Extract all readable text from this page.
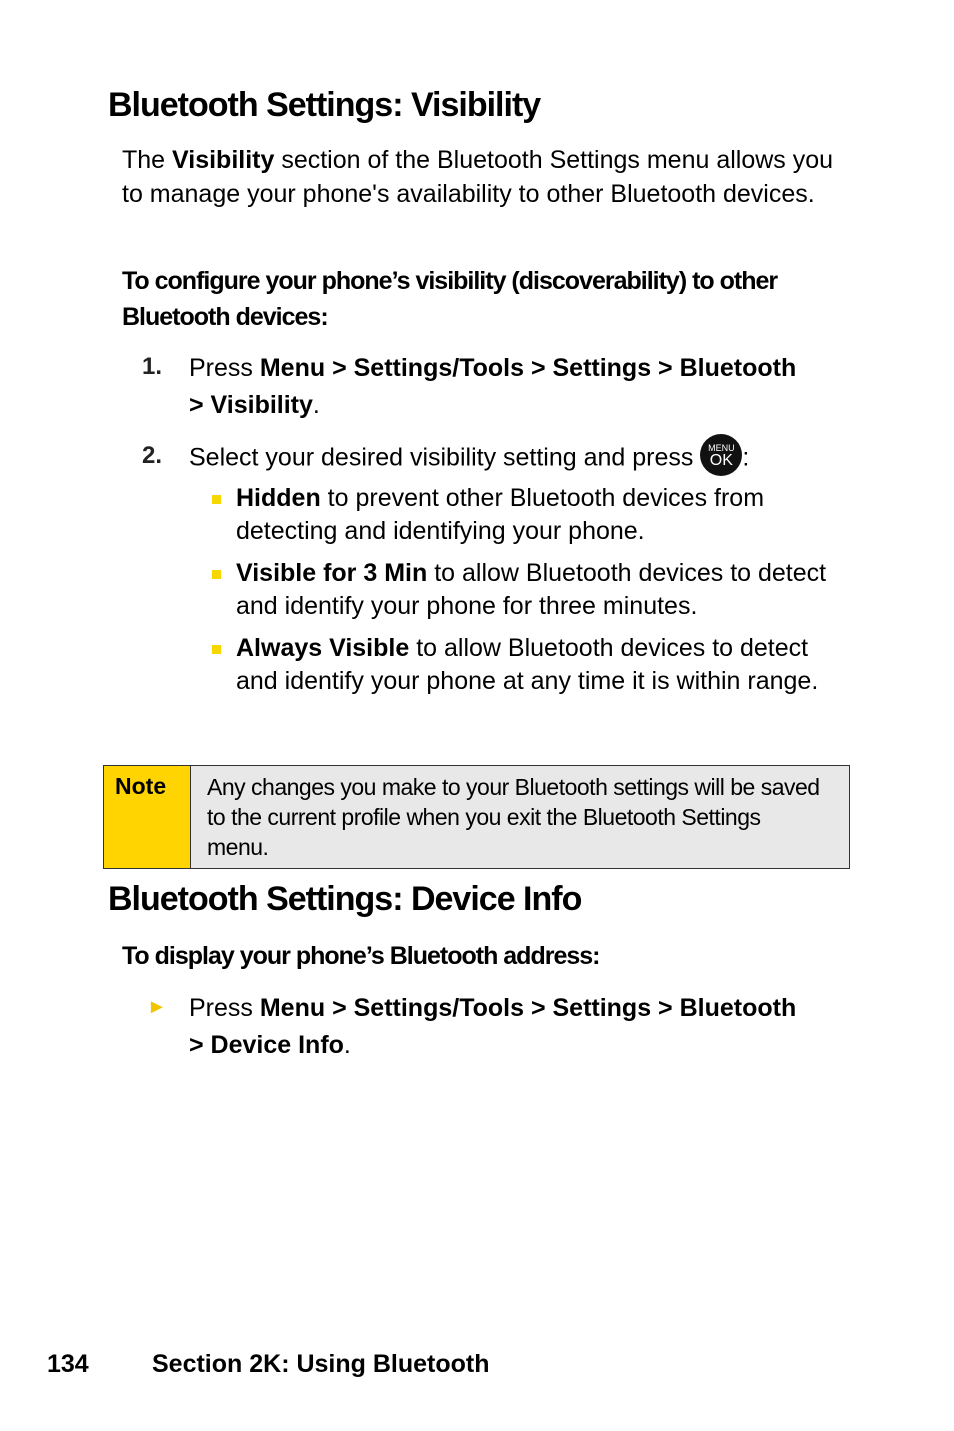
Bluetooth Settings: Visibility
The Visibility section of the Bluetooth Settings menu allows you to manage your phone's availability to other Bluetooth devices.
To configure your phone’s visibility (discoverability) to other Bluetooth devices:
1. Press Menu > Settings/Tools > Settings > Bluetooth > Visibility.
2. Select your desired visibility setting and press MENU
OK :
Hidden to prevent other Bluetooth devices from detecting and identifying your phone.
Visible for 3 Min to allow Bluetooth devices to detect and identify your phone for three minutes.
Always Visible to allow Bluetooth devices to detect and identify your phone at any time it is within range.
Note Any changes you make to your Bluetooth settings will be saved to the current profile when you exit the Bluetooth Settings menu.
Bluetooth Settings: Device Info
To display your phone’s Bluetooth address:
► Press Menu > Settings/Tools > Settings > Bluetooth > Device Info.
134	Section 2K: Using Bluetooth
